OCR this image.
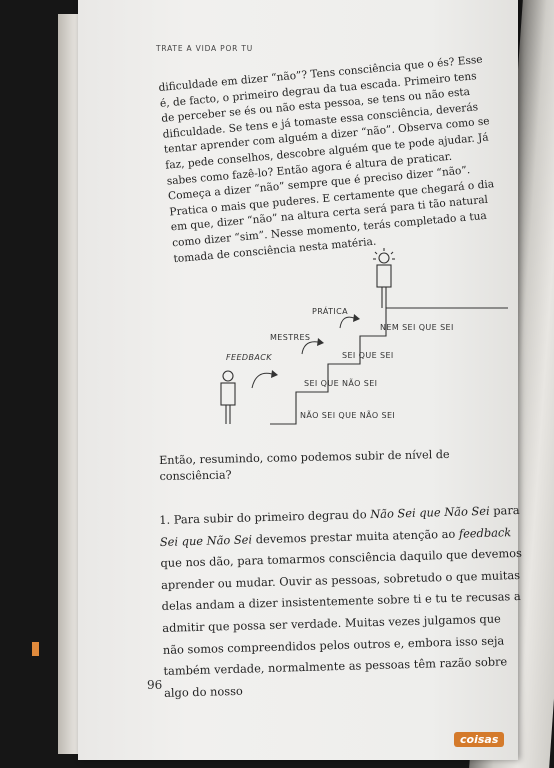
TRATE A VIDA POR TU

dificuldade em dizer “não”? Tens consciência que o és? Esse é, de facto, o primeiro degrau da tua escada. Primeiro tens de perceber se és ou não esta pessoa, se tens ou não esta dificuldade. Se tens e já tomaste essa consciência, deverás tentar aprender com alguém a dizer “não”. Observa como se faz, pede conselhos, descobre alguém que te pode ajudar. Já sabes como fazê-lo? Então agora é altura de praticar. Começa a dizer “não” sempre que é preciso dizer “não”. Pratica o mais que puderes. E certamente que chegará o dia em que, dizer “não” na altura certa será para ti tão natural como dizer “sim”. Nesse momento, terás completado a tua tomada de consciência nesta matéria.

FEEDBACK
MESTRES
PRÁTICA
NÃO SEI QUE NÃO SEI
SEI QUE NÃO SEI
SEI QUE SEI
NEM SEI QUE SEI

Então, resumindo, como podemos subir de nível de consciência?

1. Para subir do primeiro degrau do Não Sei que Não Sei para Sei que Não Sei devemos prestar muita atenção ao feedback que nos dão, para tomarmos consciência daquilo que devemos aprender ou mudar. Ouvir as pessoas, sobretudo o que muitas delas andam a dizer insistentemente sobre ti e tu te recusas a admitir que possa ser verdade. Muitas vezes julgamos que não somos compreendidos pelos outros e, embora isso seja também verdade, normalmente as pessoas têm razão sobre algo do nosso

96
coisas
